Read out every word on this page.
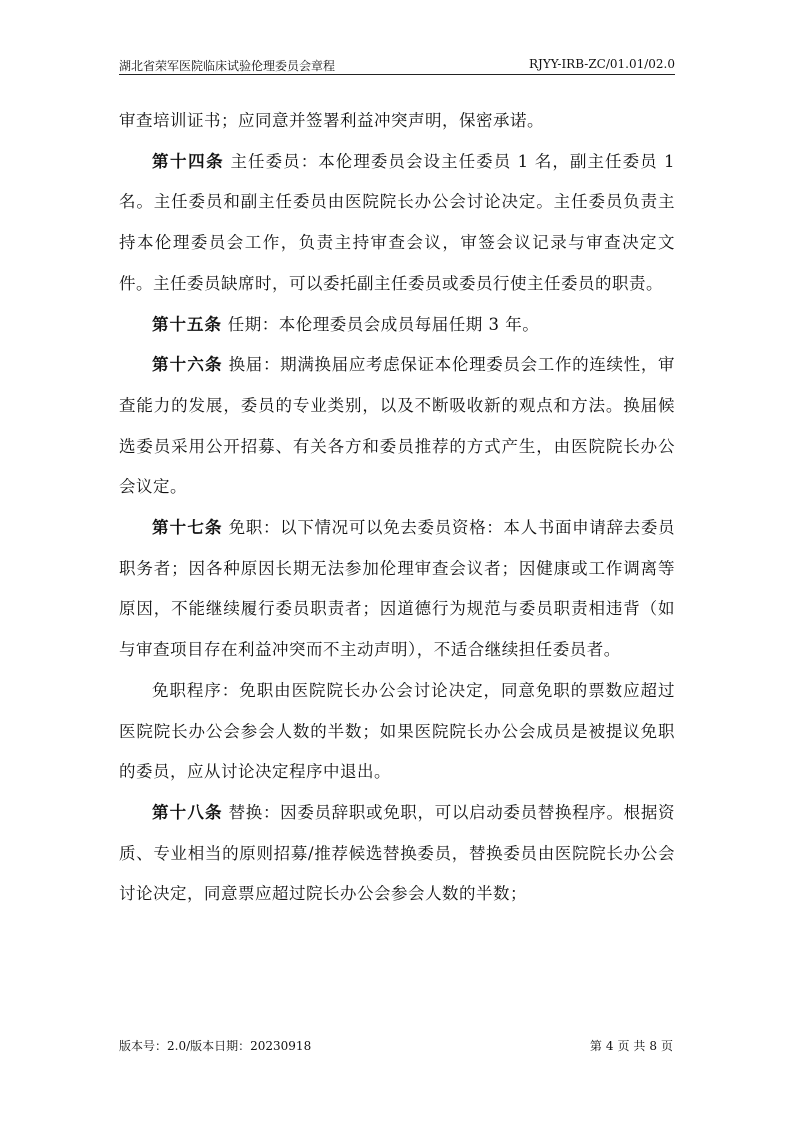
湖北省荣军医院临床试验伦理委员会章程	RJYY-IRB-ZC/01.01/02.0

审查培训证书；应同意并签署利益冲突声明，保密承诺。

第十四条 主任委员：本伦理委员会设主任委员 1 名，副主任委员 1名。主任委员和副主任委员由医院院长办公会讨论决定。主任委员负责主持本伦理委员会工作，负责主持审查会议，审签会议记录与审查决定文件。主任委员缺席时，可以委托副主任委员或委员行使主任委员的职责。

第十五条 任期：本伦理委员会成员每届任期 3 年。

第十六条 换届：期满换届应考虑保证本伦理委员会工作的连续性，审查能力的发展，委员的专业类别，以及不断吸收新的观点和方法。换届候选委员采用公开招募、有关各方和委员推荐的方式产生，由医院院长办公会议定。

第十七条 免职：以下情况可以免去委员资格：本人书面申请辞去委员职务者；因各种原因长期无法参加伦理审查会议者；因健康或工作调离等原因，不能继续履行委员职责者；因道德行为规范与委员职责相违背（如与审查项目存在利益冲突而不主动声明），不适合继续担任委员者。

免职程序：免职由医院院长办公会讨论决定，同意免职的票数应超过医院院长办公会参会人数的半数；如果医院院长办公会成员是被提议免职的委员，应从讨论决定程序中退出。

第十八条 替换：因委员辞职或免职，可以启动委员替换程序。根据资质、专业相当的原则招募/推荐候选替换委员，替换委员由医院院长办公会讨论决定，同意票应超过院长办公会参会人数的半数；

版本号：2.0/版本日期：20230918	第 4 页 共 8 页
